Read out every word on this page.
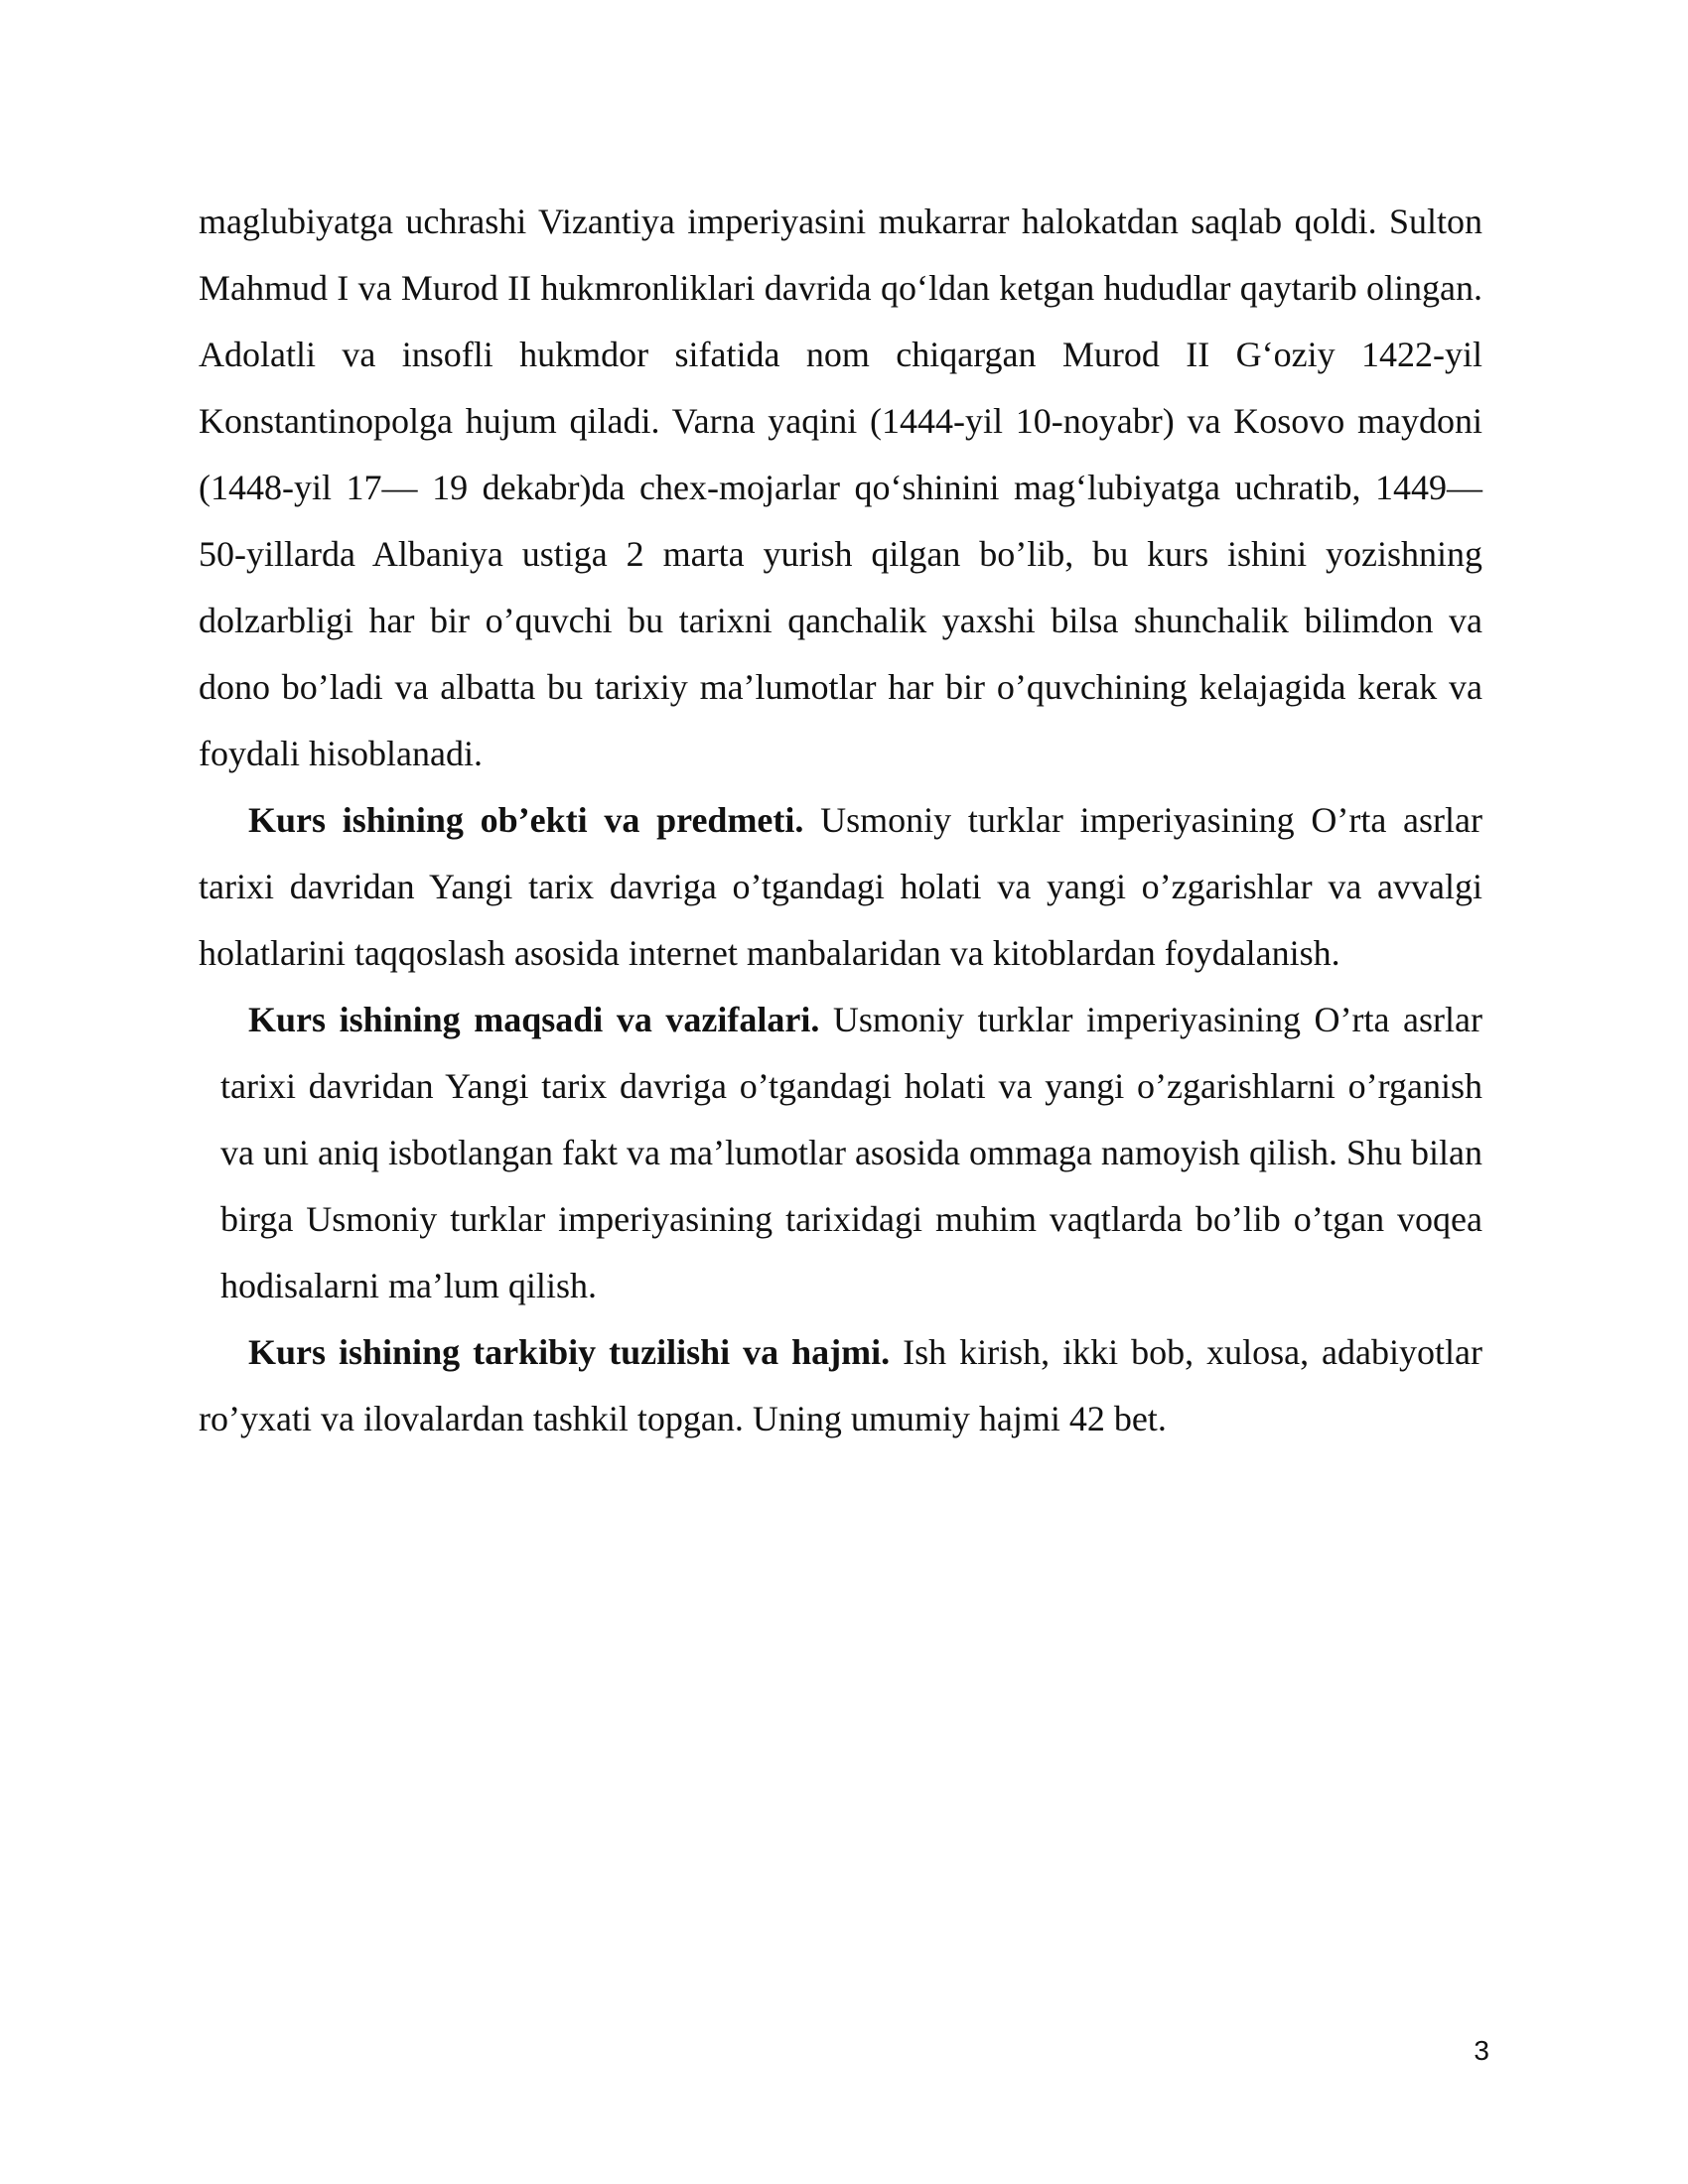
maglubiyatga uchrashi Vizantiya imperiyasini mukarrar halokatdan saqlab qoldi. Sulton Mahmud I va Murod II hukmronliklari davrida qo‘ldan ketgan hududlar qaytarib olingan. Adolatli va insofli hukmdor sifatida nom chiqargan Murod II G‘oziy 1422-yil Konstantinopolga hujum qiladi. Varna yaqini (1444-yil 10-noyabr) va Kosovo maydoni (1448-yil 17— 19 dekabr)da chex-mojarlar qo‘shinini mag‘lubiyatga uchratib, 1449—50-yillarda Albaniya ustiga 2 marta yurish qilgan bo’lib, bu kurs ishini yozishning dolzarbligi har bir o’quvchi bu tarixni qanchalik yaxshi bilsa shunchalik bilimdon va dono bo’ladi va albatta bu tarixiy ma’lumotlar har bir o’quvchining kelajagida kerak va foydali hisoblanadi.

Kurs ishining ob’ekti va predmeti. Usmoniy turklar imperiyasining O’rta asrlar tarixi davridan Yangi tarix davriga o’tgandagi holati va yangi o’zgarishlar va avvalgi holatlarini taqqoslash asosida internet manbalaridan va kitoblardan foydalanish.

Kurs ishining maqsadi va vazifalari. Usmoniy turklar imperiyasining O’rta asrlar tarixi davridan Yangi tarix davriga o’tgandagi holati va yangi o’zgarishlarni o’rganish va uni aniq isbotlangan fakt va ma’lumotlar asosida ommaga namoyish qilish. Shu bilan birga Usmoniy turklar imperiyasining tarixidagi muhim vaqtlarda bo’lib o’tgan voqea hodisalarni ma’lum qilish.

Kurs ishining tarkibiy tuzilishi va hajmi. Ish kirish, ikki bob, xulosa, adabiyotlar ro’yxati va ilovalardan tashkil topgan. Uning umumiy hajmi 42 bet.

3
